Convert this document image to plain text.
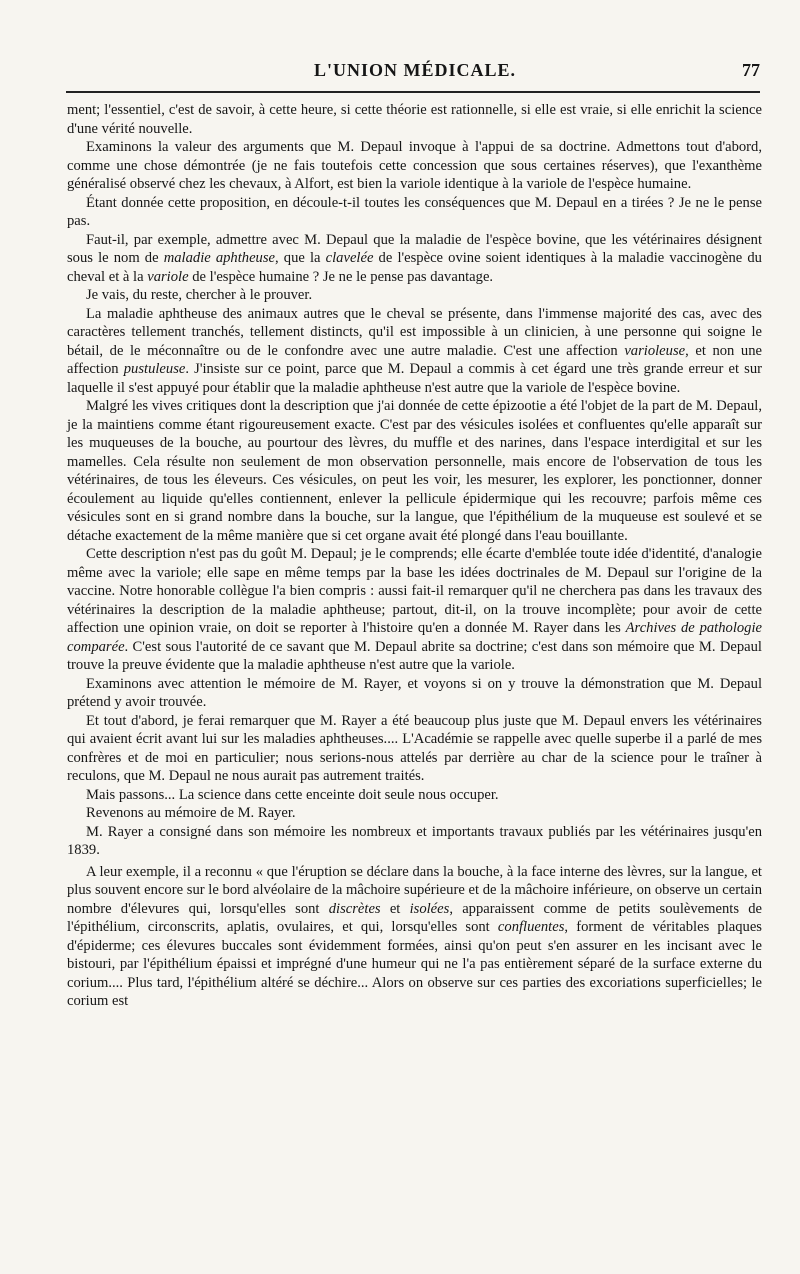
L'UNION MÉDICALE.	77

ment; l'essentiel, c'est de savoir, à cette heure, si cette théorie est rationnelle, si elle est vraie, si elle enrichit la science d'une vérité nouvelle.

Examinons la valeur des arguments que M. Depaul invoque à l'appui de sa doctrine. Admettons tout d'abord, comme une chose démontrée (je ne fais toutefois cette concession que sous certaines réserves), que l'exanthème généralisé observé chez les chevaux, à Alfort, est bien la variole identique à la variole de l'espèce humaine.

Étant donnée cette proposition, en découle-t-il toutes les conséquences que M. Depaul en a tirées ? Je ne le pense pas.

Faut-il, par exemple, admettre avec M. Depaul que la maladie de l'espèce bovine, que les vétérinaires désignent sous le nom de maladie aphtheuse, que la clavelée de l'espèce ovine soient identiques à la maladie vaccinogène du cheval et à la variole de l'espèce humaine ? Je ne le pense pas davantage.

Je vais, du reste, chercher à le prouver.

La maladie aphtheuse des animaux autres que le cheval se présente, dans l'immense majorité des cas, avec des caractères tellement tranchés, tellement distincts, qu'il est impossible à un clinicien, à une personne qui soigne le bétail, de le méconnaître ou de le confondre avec une autre maladie. C'est une affection varioleuse, et non une affection pustuleuse. J'insiste sur ce point, parce que M. Depaul a commis à cet égard une très grande erreur et sur laquelle il s'est appuyé pour établir que la maladie aphtheuse n'est autre que la variole de l'espèce bovine.

Malgré les vives critiques dont la description que j'ai donnée de cette épizootie a été l'objet de la part de M. Depaul, je la maintiens comme étant rigoureusement exacte. C'est par des vésicules isolées et confluentes qu'elle apparaît sur les muqueuses de la bouche, au pourtour des lèvres, du muffle et des narines, dans l'espace interdigital et sur les mamelles. Cela résulte non seulement de mon observation personnelle, mais encore de l'observation de tous les vétérinaires, de tous les éleveurs. Ces vésicules, on peut les voir, les mesurer, les explorer, les ponctionner, donner écoulement au liquide qu'elles contiennent, enlever la pellicule épidermique qui les recouvre; parfois même ces vésicules sont en si grand nombre dans la bouche, sur la langue, que l'épithélium de la muqueuse est soulevé et se détache exactement de la même manière que si cet organe avait été plongé dans l'eau bouillante.

Cette description n'est pas du goût M. Depaul; je le comprends; elle écarte d'emblée toute idée d'identité, d'analogie même avec la variole; elle sape en même temps par la base les idées doctrinales de M. Depaul sur l'origine de la vaccine. Notre honorable collègue l'a bien compris : aussi fait-il remarquer qu'il ne cherchera pas dans les travaux des vétérinaires la description de la maladie aphtheuse; partout, dit-il, on la trouve incomplète; pour avoir de cette affection une opinion vraie, on doit se reporter à l'histoire qu'en a donnée M. Rayer dans les Archives de pathologie comparée. C'est sous l'autorité de ce savant que M. Depaul abrite sa doctrine; c'est dans son mémoire que M. Depaul trouve la preuve évidente que la maladie aphtheuse n'est autre que la variole.

Examinons avec attention le mémoire de M. Rayer, et voyons si on y trouve la démonstration que M. Depaul prétend y avoir trouvée.

Et tout d'abord, je ferai remarquer que M. Rayer a été beaucoup plus juste que M. Depaul envers les vétérinaires qui avaient écrit avant lui sur les maladies aphtheuses.... L'Académie se rappelle avec quelle superbe il a parlé de mes confrères et de moi en particulier; nous serions-nous attelés par derrière au char de la science pour le traîner à reculons, que M. Depaul ne nous aurait pas autrement traités.

Mais passons... La science dans cette enceinte doit seule nous occuper.

Revenons au mémoire de M. Rayer.

M. Rayer a consigné dans son mémoire les nombreux et importants travaux publiés par les vétérinaires jusqu'en 1839.

A leur exemple, il a reconnu « que l'éruption se déclare dans la bouche, à la face interne des lèvres, sur la langue, et plus souvent encore sur le bord alvéolaire de la mâchoire supérieure et de la mâchoire inférieure, on observe un certain nombre d'élevures qui, lorsqu'elles sont discrètes et isolées, apparaissent comme de petits soulèvements de l'épithélium, circonscrits, aplatis, ovulaires, et qui, lorsqu'elles sont confluentes, forment de véritables plaques d'épiderme; ces élevures buccales sont évidemment formées, ainsi qu'on peut s'en assurer en les incisant avec le bistouri, par l'épithélium épaissi et imprégné d'une humeur qui ne l'a pas entièrement séparé de la surface externe du corium.... Plus tard, l'épithélium altéré se déchire... Alors on observe sur ces parties des excoriations superficielles; le corium est
